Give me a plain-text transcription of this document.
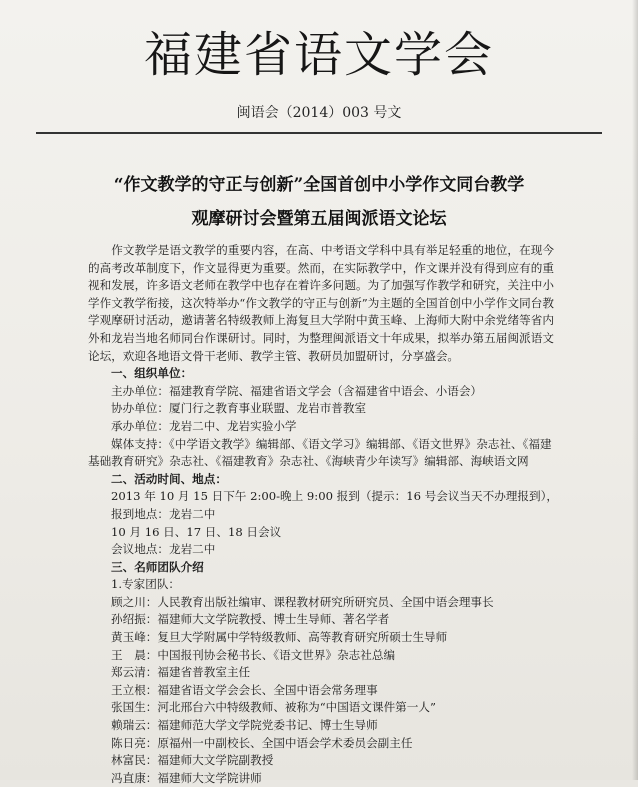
福建省语文学会
闽语会（2014）003 号文
“作文教学的守正与创新”全国首创中小学作文同台教学
观摩研讨会暨第五届闽派语文论坛

作文教学是语文教学的重要内容，在高、中考语文学科中具有举足轻重的地位，在现今的高考改革制度下，作文显得更为重要。然而，在实际教学中，作文课并没有得到应有的重视和发展，许多语文老师在教学中也存在着许多问题。为了加强写作教学和研究，关注中小学作文教学衔接，这次特举办“作文教学的守正与创新”为主题的全国首创中小学作文同台教学观摩研讨活动，邀请著名特级教师上海复旦大学附中黄玉峰、上海师大附中余党绪等省内外和龙岩当地名师同台作课研讨。同时，为整理闽派语文十年成果，拟举办第五届闽派语文论坛，欢迎各地语文骨干老师、教学主管、教研员加盟研讨，分享盛会。

一、组织单位：

主办单位：福建教育学院、福建省语文学会（含福建省中语会、小语会）

协办单位：厦门行之教育事业联盟、龙岩市普教室

承办单位：龙岩二中、龙岩实验小学

媒体支持：《中学语文教学》编辑部、《语文学习》编辑部、《语文世界》杂志社、《福建

基础教育研究》杂志社、《福建教育》杂志社、《海峡青少年读写》编辑部、海峡语文网

二、活动时间、地点：

2013 年 10 月 15 日下午 2:00-晚上 9:00 报到（提示：16 号会议当天不办理报到），

报到地点：龙岩二中

10 月 16 日、17 日、18 日会议

会议地点：龙岩二中

三、名师团队介绍

1.专家团队：

顾之川：人民教育出版社编审、课程教材研究所研究员、全国中语会理事长

孙绍振：福建师大文学院教授、博士生导师、著名学者

黄玉峰：复旦大学附属中学特级教师、高等教育研究所硕士生导师

王　晨：中国报刊协会秘书长、《语文世界》杂志社总编

郑云清：福建省普教室主任

王立根：福建省语文学会会长、全国中语会常务理事

张国生：河北邢台六中特级教师、被称为“中国语文课件第一人”

赖瑞云：福建师范大学文学院党委书记、博士生导师

陈日亮：原福州一中副校长、全国中语会学术委员会副主任

林富民：福建师大文学院副教授

冯直康：福建师大文学院讲师
